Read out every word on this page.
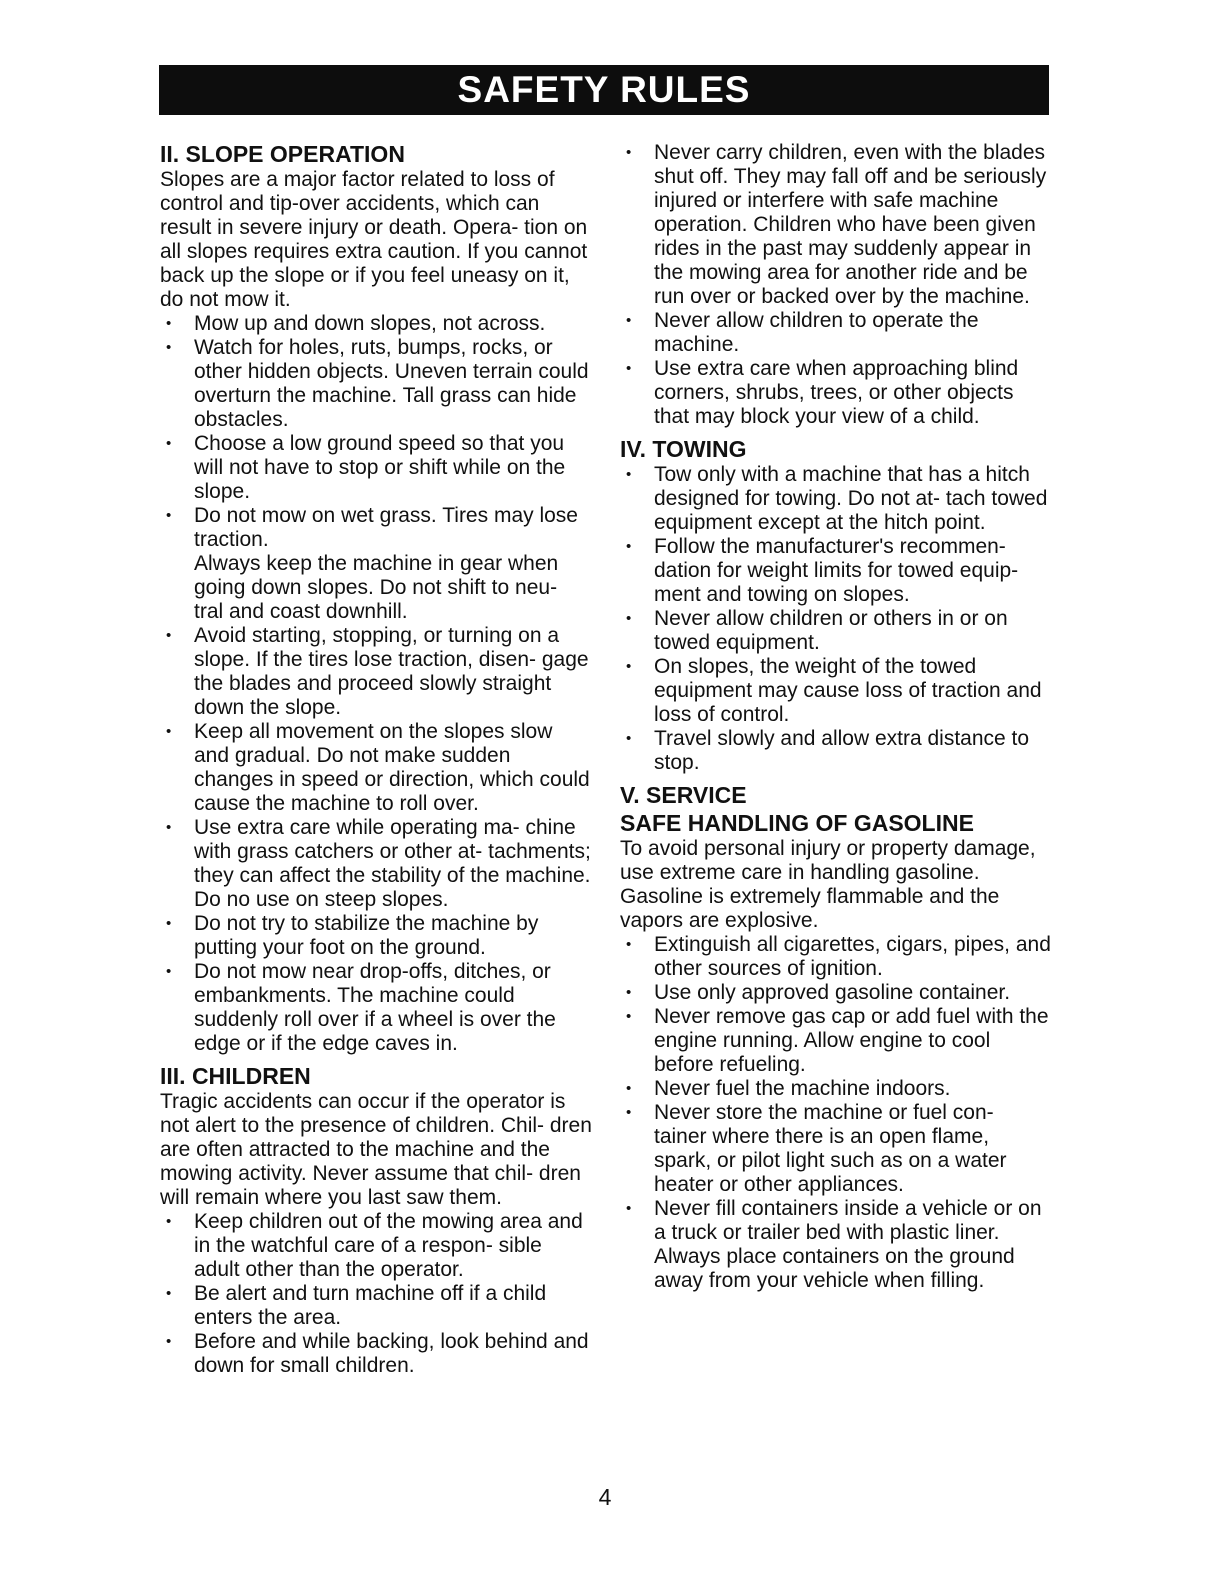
SAFETY RULES
II. SLOPE OPERATION

Slopes are a major factor related to loss of control and tip-over accidents, which can result in severe injury or death. Opera- tion on all slopes requires extra caution. If you cannot back up the slope or if you feel uneasy on it, do not mow it.

• Mow up and down slopes, not across.
• Watch for holes, ruts, bumps, rocks, or other hidden objects. Uneven terrain could overturn the machine. Tall grass can hide obstacles.
• Choose a low ground speed so that you will not have to stop or shift while on the slope.
• Do not mow on wet grass. Tires may lose traction.
Always keep the machine in gear when going down slopes. Do not shift to neu- tral and coast downhill.
• Avoid starting, stopping, or turning on a slope. If the tires lose traction, disen- gage the blades and proceed slowly straight down the slope.
• Keep all movement on the slopes slow and gradual. Do not make sudden changes in speed or direction, which could cause the machine to roll over.
• Use extra care while operating ma- chine with grass catchers or other at- tachments; they can affect the stability of the machine. Do no use on steep slopes.
• Do not try to stabilize the machine by putting your foot on the ground.
• Do not mow near drop-offs, ditches, or embankments. The machine could suddenly roll over if a wheel is over the edge or if the edge caves in.
III. CHILDREN

Tragic accidents can occur if the operator is not alert to the presence of children. Chil- dren are often attracted to the machine and the mowing activity. Never assume that chil- dren will remain where you last saw them.

• Keep children out of the mowing area and in the watchful care of a respon- sible adult other than the operator.
• Be alert and turn machine off if a child enters the area.
• Before and while backing, look behind and down for small children.
• Never carry children, even with the blades shut off. They may fall off and be seriously injured or interfere with safe machine operation. Children who have been given rides in the past may suddenly appear in the mowing area for another ride and be run over or backed over by the machine.
• Never allow children to operate the machine.
• Use extra care when approaching blind corners, shrubs, trees, or other objects that may block your view of a child.
IV. TOWING
• Tow only with a machine that has a hitch designed for towing. Do not at- tach towed equipment except at the hitch point.
• Follow the manufacturer's recommen- dation for weight limits for towed equip- ment and towing on slopes.
• Never allow children or others in or on towed equipment.
• On slopes, the weight of the towed equipment may cause loss of traction and loss of control.
• Travel slowly and allow extra distance to stop.
V. SERVICE
SAFE HANDLING OF GASOLINE

To avoid personal injury or property damage, use extreme care in handling gasoline. Gasoline is extremely flammable and the vapors are explosive.

• Extinguish all cigarettes, cigars, pipes, and other sources of ignition.
• Use only approved gasoline container.
• Never remove gas cap or add fuel with the engine running. Allow engine to cool before refueling.
• Never fuel the machine indoors.
• Never store the machine or fuel con- tainer where there is an open flame, spark, or pilot light such as on a water heater or other appliances.
• Never fill containers inside a vehicle or on a truck or trailer bed with plastic liner. Always place containers on the ground away from your vehicle when filling.
4
